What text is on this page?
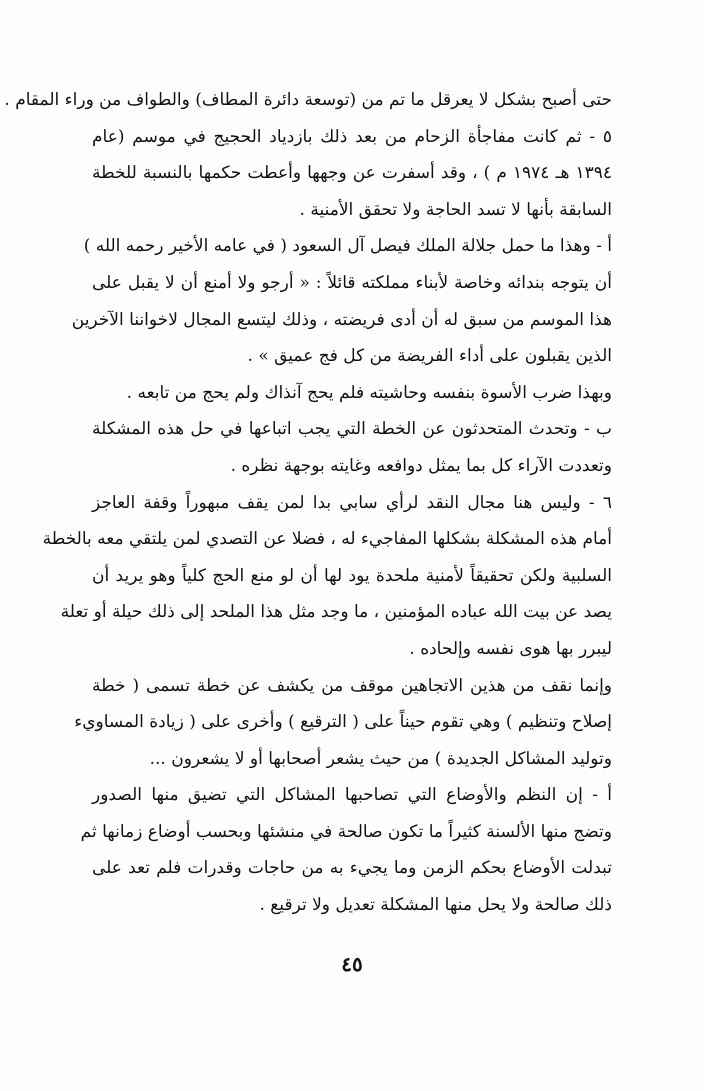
حتى أصبح بشكل لا يعرقل ما تم من (توسعة دائرة المطاف) والطواف من وراء المقام .
٥ - ثم كانت مفاجأة الزحام من بعد ذلك بازدياد الحجيج في موسم (عام
١٣٩٤ هـ ١٩٧٤ م ) ، وقد أسفرت عن وجهها وأعطت حكمها بالنسبة للخطة
السابقة بأنها لا تسد الحاجة ولا تحقق الأمنية .
أ - وهذا ما حمل جلالة الملك فيصل آل السعود ( في عامه الأخير رحمه الله )
أن يتوجه بندائه وخاصة لأبناء مملكته قائلاً : « أرجو ولا أمنع أن لا يقبل على
هذا الموسم من سبق له أن أدى فريضته ، وذلك ليتسع المجال لاخواننا الآخرين
الذين يقبلون على أداء الفريضة من كل فج عميق » .
وبهذا ضرب الأسوة بنفسه وحاشيته فلم يحج آنذاك ولم يحج من تابعه .
ب - وتحدث المتحدثون عن الخطة التي يجب اتباعها في حل هذه المشكلة
وتعددت الآراء كل بما يمثل دوافعه وغايته بوجهة نظره .
٦ - وليس هنا مجال النقد لرأي سابي بدا لمن يقف مبهوراً وقفة العاجز
أمام هذه المشكلة بشكلها المفاجيء له ، فضلا عن التصدي لمن يلتقي معه بالخطة
السلبية ولكن تحقيقاً لأمنية ملحدة يود لها أن لو منع الحج كلياً وهو يريد أن
يصد عن بيت الله عباده المؤمنين ، ما وجد مثل هذا الملحد إلى ذلك حيلة أو تعلة
ليبرر بها هوى نفسه وإلحاده .
وإنما نقف من هذين الاتجاهين موقف من يكشف عن خطة تسمى ( خطة
إصلاح وتنظيم ) وهي تقوم حيناً على ( الترقيع ) وأخرى على ( زيادة المساويء
وتوليد المشاكل الجديدة ) من حيث يشعر أصحابها أو لا يشعرون ...
أ - إن النظم والأوضاع التي تصاحبها المشاكل التي تضيق منها الصدور
وتضج منها الألسنة كثيراً ما تكون صالحة في منشئها وبحسب أوضاع زمانها ثم
تبدلت الأوضاع بحكم الزمن وما يجيء به من حاجات وقدرات فلم تعد على
ذلك صالحة ولا يحل منها المشكلة تعديل ولا ترقيع .
٤٥
